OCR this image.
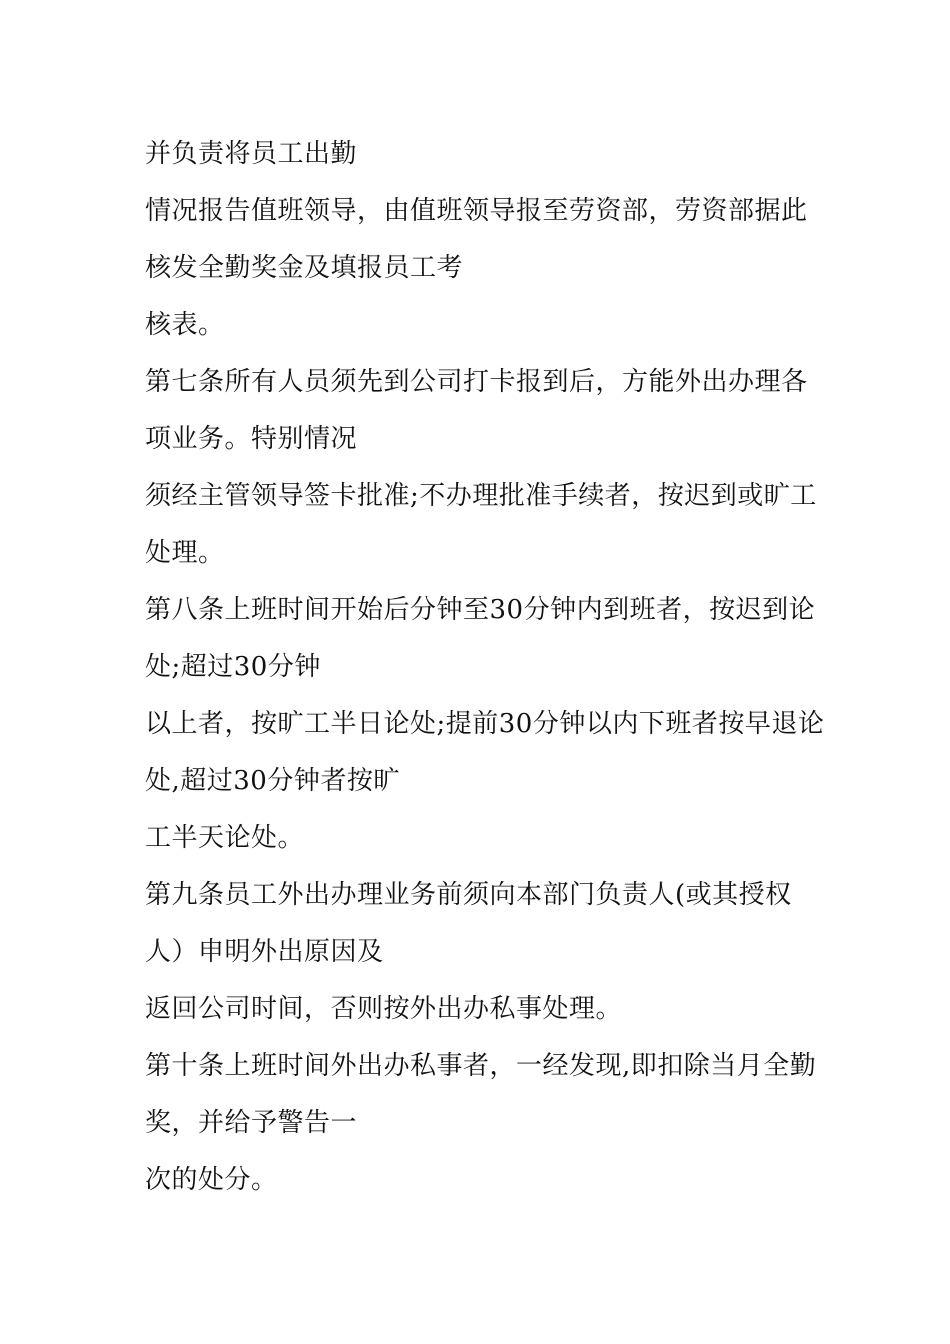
并负责将员工出勤
情况报告值班领导，由值班领导报至劳资部，劳资部据此
核发全勤奖金及填报员工考
核表。
第七条所有人员须先到公司打卡报到后，方能外出办理各
项业务。特别情况
须经主管领导签卡批准;不办理批准手续者，按迟到或旷工
处理。
第八条上班时间开始后分钟至30分钟内到班者，按迟到论
处;超过30分钟
以上者，按旷工半日论处;提前30分钟以内下班者按早退论
处,超过30分钟者按旷
工半天论处。
第九条员工外出办理业务前须向本部门负责人(或其授权
人）申明外出原因及
返回公司时间，否则按外出办私事处理。
第十条上班时间外出办私事者，一经发现,即扣除当月全勤
奖，并给予警告一
次的处分。
